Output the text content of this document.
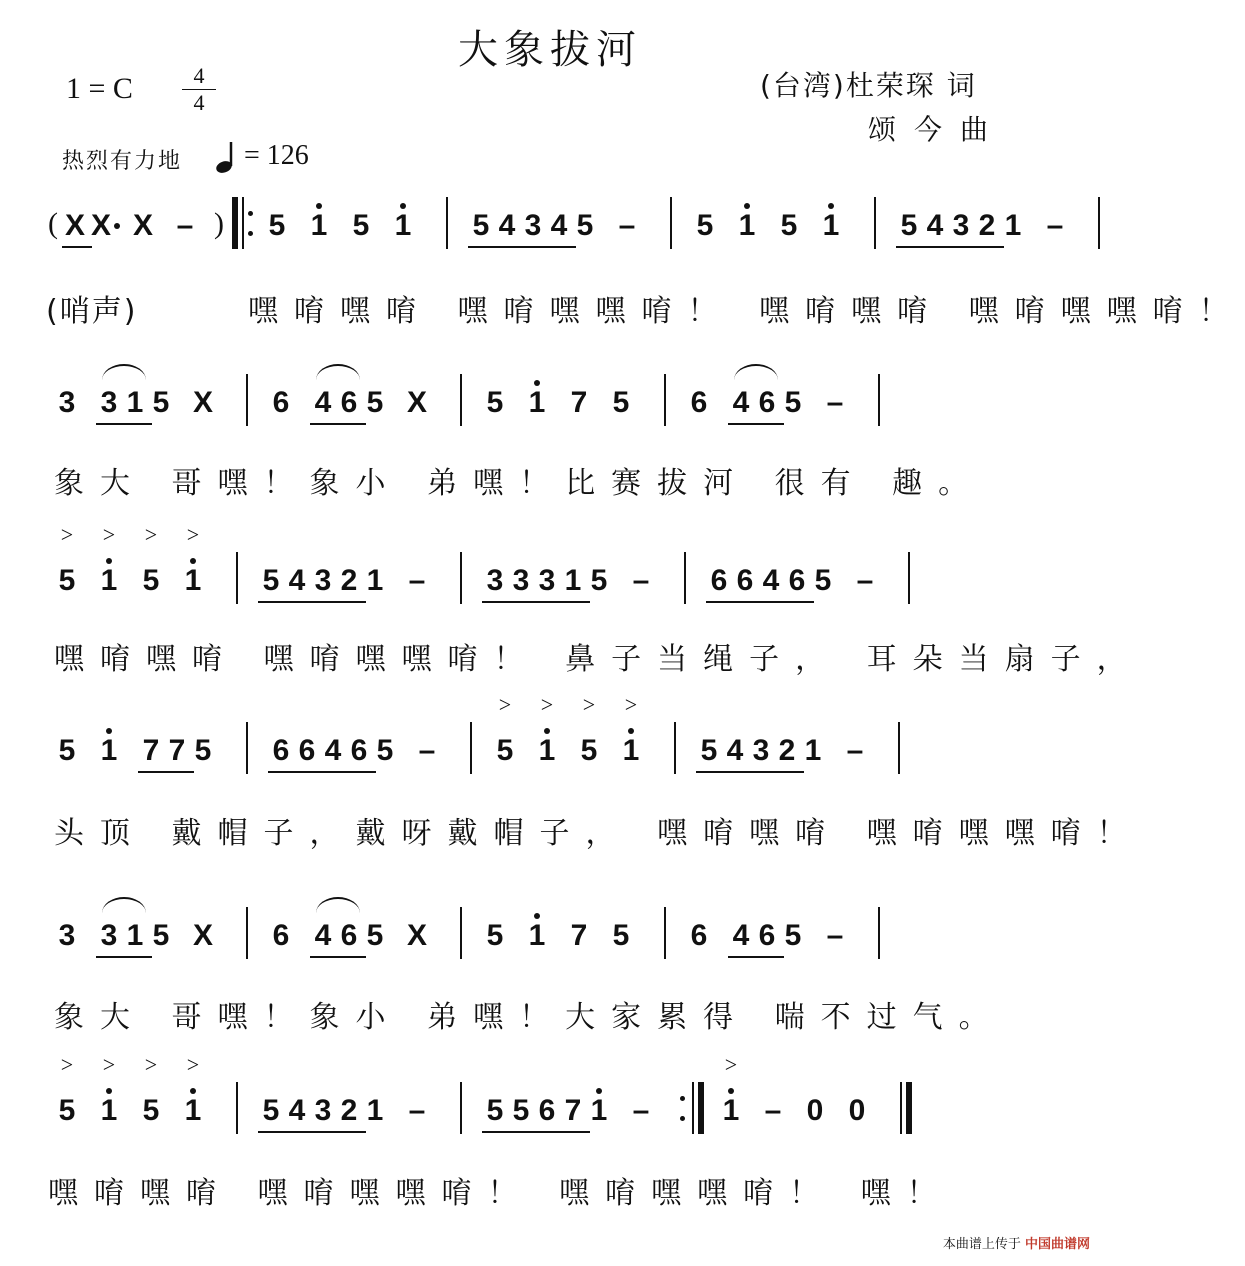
大象拔河
1 = C	4
4
(台湾)杜荣琛 词
颂今曲
热烈有力地 = 126
( X X X – ) 5 1 5 1 5 4 3 4 5 – 5 1 5 1 5 4 3 2 1 –
嘿唷嘿唷 嘿唷嘿嘿唷！ 嘿唷嘿唷 嘿唷嘿嘿唷！
3 3 1 5 X 6 4 6 5 X 5 1 7 5 6 4 6 5 –
象大 哥嘿！象小 弟嘿！比赛拔河 很有 趣。
5
>
1
>
5
>
1
>
5 4 3 2 1 – 3 3 3 1 5 – 6 6 4 6 5 –
嘿唷嘿唷 嘿唷嘿嘿唷！ 鼻子当绳子， 耳朵当扇子，
5 1 7 7 5 6 6 4 6 5 – 5
>
1
>
5
>
1
>
5 4 3 2 1 –
头顶 戴帽子，戴呀戴帽子， 嘿唷嘿唷 嘿唷嘿嘿唷！
3 3 1 5 X 6 4 6 5 X 5 1 7 5 6 4 6 5 –
象大 哥嘿！象小 弟嘿！大家累得 喘不过气。
5
>
1
>
5
>
1
>
5 4 3 2 1 – 5 5 6 7 1 – 1
>
– 0 0
嘿唷嘿唷 嘿唷嘿嘿唷！ 嘿唷嘿嘿唷！ 嘿！
(哨声)
本曲谱上传于 中国曲谱网
